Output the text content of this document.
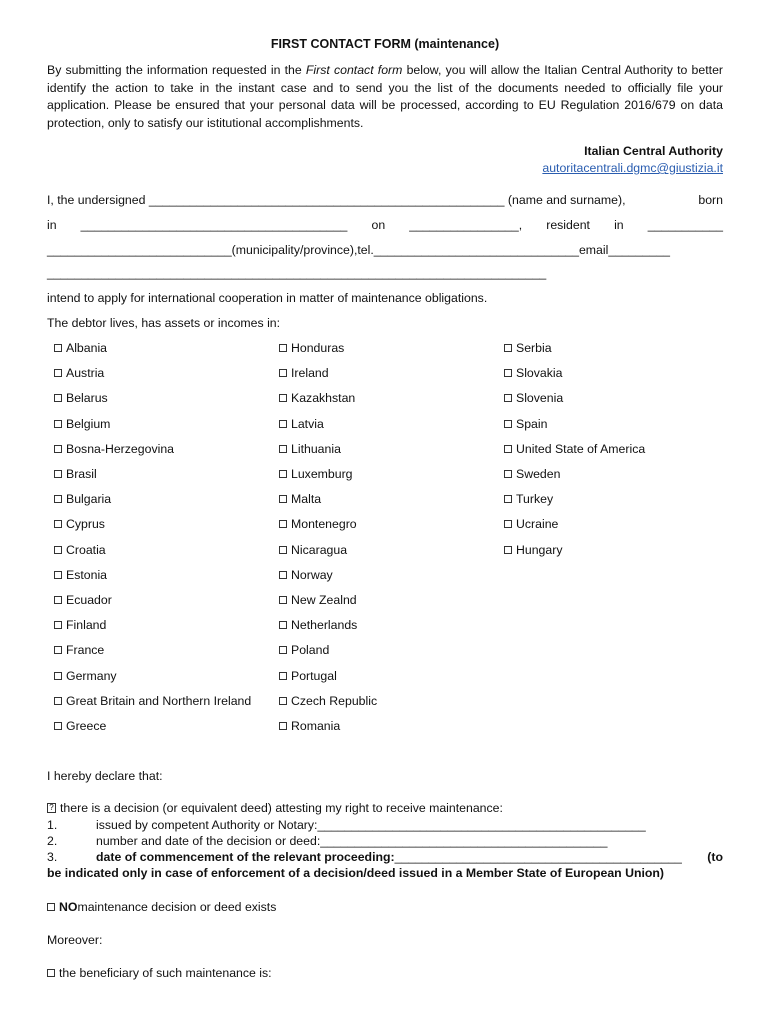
FIRST CONTACT FORM (maintenance)
By submitting the information requested in the First contact form below, you will allow the Italian Central Authority to better identify the action to take in the instant case and to send you the list of the documents needed to officially file your application. Please be ensured that your personal data will be processed, according to EU Regulation 2016/679 on data protection, only to satisfy our istitutional accomplishments.
Italian Central Authority
autoritacentrali.dgmc@giustizia.it
I, the undersigned ____________________________________________________ (name and surname),	born
in _______________________________________ on ________________, resident in ___________
___________________________(municipality/province),tel.______________________________email_________
_________________________________________________________________________
intend to apply for international cooperation in matter of maintenance obligations.
The debtor lives, has assets or incomes in:
Albania
Austria
Belarus
Belgium
Bosna-Herzegovina
Brasil
Bulgaria
Cyprus
Croatia
Estonia
Ecuador
Finland
France
Germany
Great Britain and Northern Ireland
Greece
Honduras
Ireland
Kazakhstan
Latvia
Lithuania
Luxemburg
Malta
Montenegro
Nicaragua
Norway
New Zealnd
Netherlands
Poland
Portugal
Czech Republic
Romania
Serbia
Slovakia
Slovenia
Spain
United State of America
Sweden
Turkey
Ucraine
Hungary
I hereby declare that:
? there is a decision (or equivalent deed) attesting my right to receive maintenance:
1.	issued by competent Authority or Notary:________________________________________________
2.	number and date of the decision or deed:__________________________________________
3.	date of commencement of the relevant proceeding:__________________________________________ (to
be indicated only in case of enforcement of a decision/deed issued in a Member State of European Union)
NO maintenance decision or deed exists
Moreover:
the beneficiary of such maintenance is:
